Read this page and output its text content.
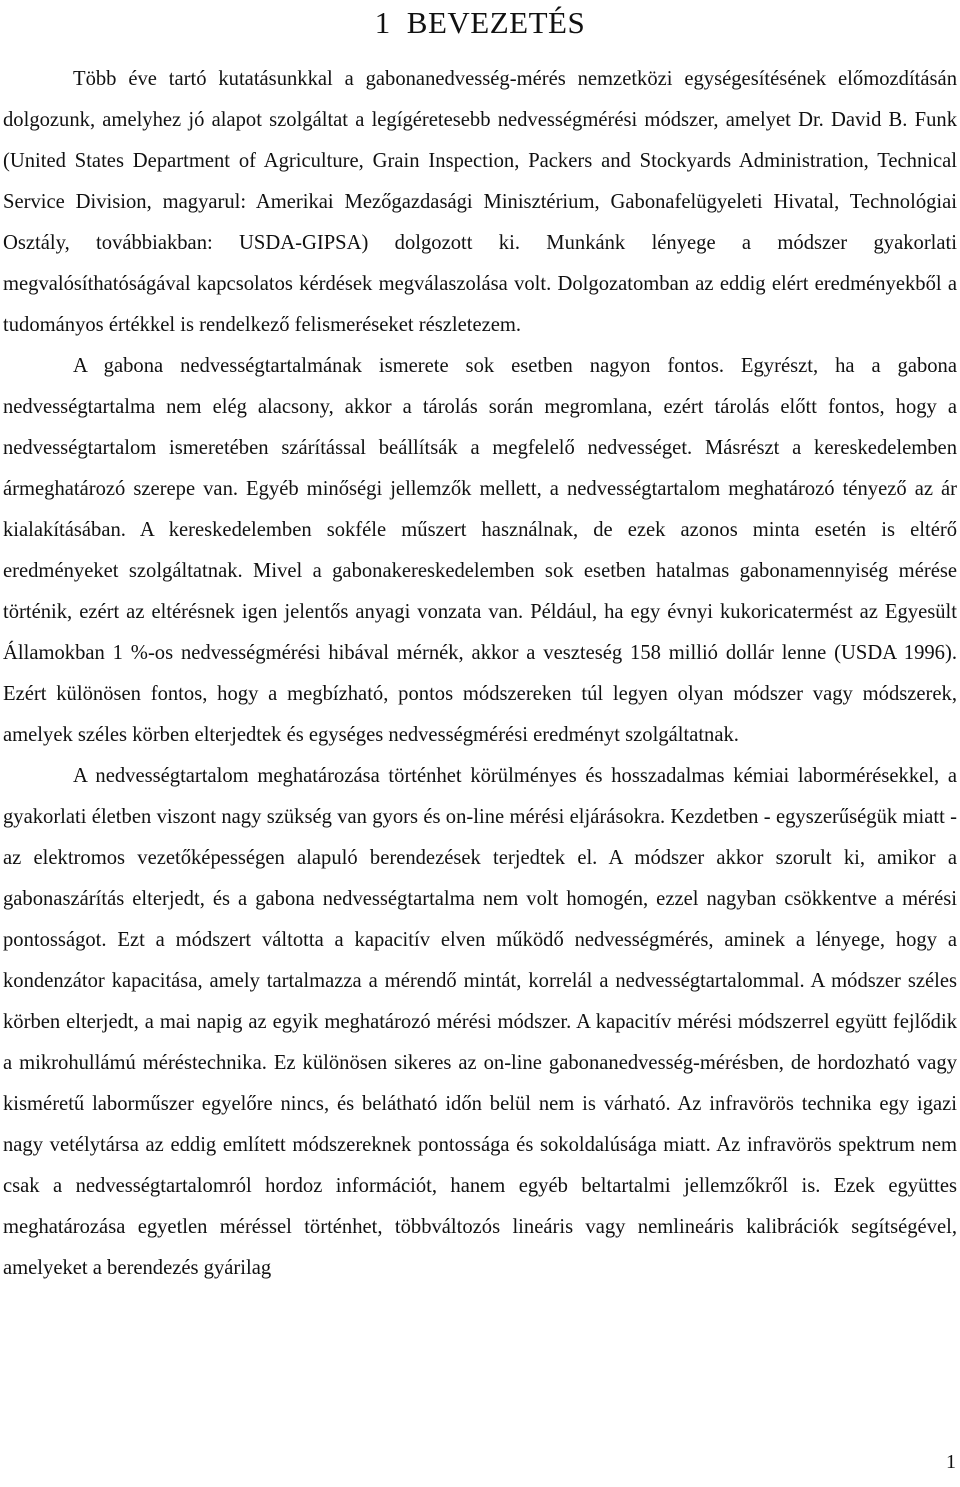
1 BEVEZETÉS

Több éve tartó kutatásunkkal a gabonanedvesség-mérés nemzetközi egységesítésének előmozdításán dolgozunk, amelyhez jó alapot szolgáltat a legígéretesebb nedvességmérési módszer, amelyet Dr. David B. Funk (United States Department of Agriculture, Grain Inspection, Packers and Stockyards Administration, Technical Service Division, magyarul: Amerikai Mezőgazdasági Minisztérium, Gabonafelügyeleti Hivatal, Technológiai Osztály, továbbiakban: USDA-GIPSA) dolgozott ki. Munkánk lényege a módszer gyakorlati megvalósíthatóságával kapcsolatos kérdések megválaszolása volt. Dolgozatomban az eddig elért eredményekből a tudományos értékkel is rendelkező felismeréseket részletezem.

A gabona nedvességtartalmának ismerete sok esetben nagyon fontos. Egyrészt, ha a gabona nedvességtartalma nem elég alacsony, akkor a tárolás során megromlana, ezért tárolás előtt fontos, hogy a nedvességtartalom ismeretében szárítással beállítsák a megfelelő nedvességet. Másrészt a kereskedelemben ármeghatározó szerepe van. Egyéb minőségi jellemzők mellett, a nedvességtartalom meghatározó tényező az ár kialakításában. A kereskedelemben sokféle műszert használnak, de ezek azonos minta esetén is eltérő eredményeket szolgáltatnak. Mivel a gabonakereskedelemben sok esetben hatalmas gabonamennyiség mérése történik, ezért az eltérésnek igen jelentős anyagi vonzata van. Például, ha egy évnyi kukoricatermést az Egyesült Államokban 1 %-os nedvességmérési hibával mérnék, akkor a veszteség 158 millió dollár lenne (USDA 1996). Ezért különösen fontos, hogy a megbízható, pontos módszereken túl legyen olyan módszer vagy módszerek, amelyek széles körben elterjedtek és egységes nedvességmérési eredményt szolgáltatnak.

A nedvességtartalom meghatározása történhet körülményes és hosszadalmas kémiai labormérésekkel, a gyakorlati életben viszont nagy szükség van gyors és on-line mérési eljárásokra. Kezdetben - egyszerűségük miatt - az elektromos vezetőképességen alapuló berendezések terjedtek el. A módszer akkor szorult ki, amikor a gabonaszárítás elterjedt, és a gabona nedvességtartalma nem volt homogén, ezzel nagyban csökkentve a mérési pontosságot. Ezt a módszert váltotta a kapacitív elven működő nedvességmérés, aminek a lényege, hogy a kondenzátor kapacitása, amely tartalmazza a mérendő mintát, korrelál a nedvességtartalommal. A módszer széles körben elterjedt, a mai napig az egyik meghatározó mérési módszer. A kapacitív mérési módszerrel együtt fejlődik a mikrohullámú méréstechnika. Ez különösen sikeres az on-line gabonanedvesség-mérésben, de hordozható vagy kisméretű laborműszer egyelőre nincs, és belátható időn belül nem is várható. Az infravörös technika egy igazi nagy vetélytársa az eddig említett módszereknek pontossága és sokoldalúsága miatt. Az infravörös spektrum nem csak a nedvességtartalomról hordoz információt, hanem egyéb beltartalmi jellemzőkről is. Ezek együttes meghatározása egyetlen méréssel történhet, többváltozós lineáris vagy nemlineáris kalibrációk segítségével, amelyeket a berendezés gyárilag

1
